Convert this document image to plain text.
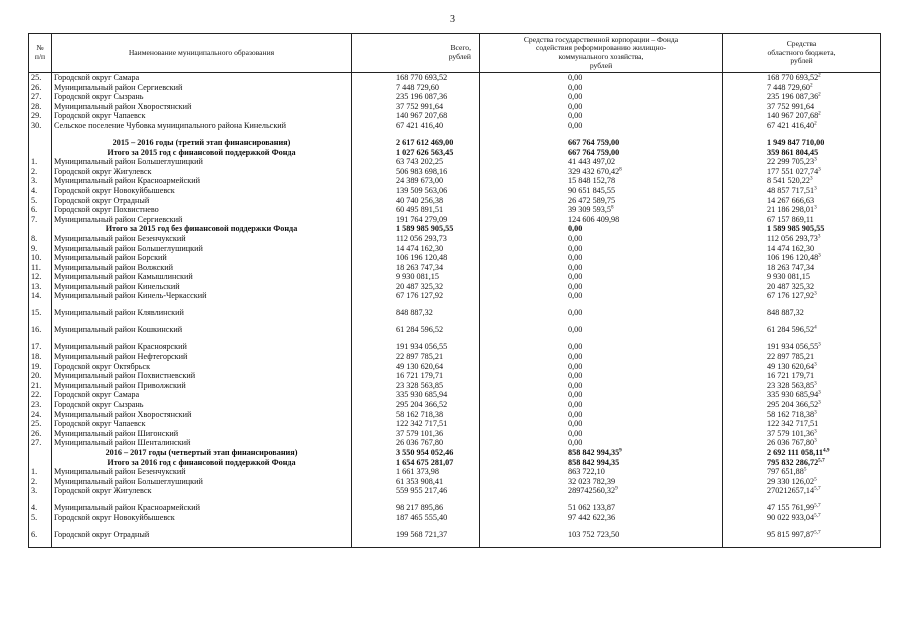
3
№
п/п	Наименование муниципального образования	Всего,
рублей	Средства государственной корпорации – Фонда
содействия реформированию жилищно-
коммунального хозяйства,
рублей	Средства
областного бюджета,
рублей
25.	Городской округ Самара	168 770 693,52	0,00	168 770 693,52$^2$
26.	Муниципальный район Сергиевский	7 448 729,60	0,00	7 448 729,60$^2$
27.	Городской округ Сызрань	235 196 087,36	0,00	235 196 087,36$^2$
28.	Муниципальный район Хворостянский	37 752 991,64	0,00	37 752 991,64
29.	Городской округ Чапаевск	140 967 207,68	0,00	140 967 207,68$^2$
30.	Сельское поселение Чубовка муниципального района Кинельский	67 421 416,40	0,00	67 421 416,40$^2$
	2015 – 2016 годы (третий этап финансирования)	2 617 612 469,00	667 764 759,00	1 949 847 710,00
	Итого за 2015 год с финансовой поддержкой Фонда	1 027 626 563,45	667 764 759,00	359 861 804,45
1.	Муниципальный район Большеглушицкий	63 743 202,25	41 443 497,02	22 299 705,23$^3$
2.	Городской округ Жигулевск	506 983 698,16	329 432 670,42$^8$	177 551 027,74$^3$
3.	Муниципальный район Красноармейский	24 389 673,00	15 848 152,78	8 541 520,22$^3$
4.	Городской округ Новокуйбышевск	139 509 563,06	90 651 845,55	48 857 717,51$^3$
5.	Городской округ Отрадный	40 740 256,38	26 472 589,75	14 267 666,63
6.	Городской округ Похвистнево	60 495 891,51	39 309 593,5$^8$	21 186 298,01$^3$
7.	Муниципальный район Сергиевский	191 764 279,09	124 606 409,98	67 157 869,11
	Итого за 2015 год без финансовой поддержки Фонда	1 589 985 905,55	0,00	1 589 985 905,55
8.	Муниципальный район Безенчукский	112 056 293,73	0,00	112 056 293,73$^3$
9.	Муниципальный район Большеглушицкий	14 474 162,30	0,00	14 474 162,30
10.	Муниципальный район Борский	106 196 120,48	0,00	106 196 120,48$^3$
11.	Муниципальный район Волжский	18 263 747,34	0,00	18 263 747,34
12.	Муниципальный район Камышлинский	9 930 081,15	0,00	9 930 081,15
13.	Муниципальный район Кинельский	20 487 325,32	0,00	20 487 325,32
14.	Муниципальный район Кинель-Черкасский	67 176 127,92	0,00	67 176 127,92$^3$
15.	Муниципальный район Клявлинский	848 887,32	0,00	848 887,32
16.	Муниципальный район Кошкинский	61 284 596,52	0,00	61 284 596,52$^4$
17.	Муниципальный район Красноярский	191 934 056,55	0,00	191 934 056,55$^3$
18.	Муниципальный район Нефтегорский	22 897 785,21	0,00	22 897 785,21
19.	Городской округ Октябрьск	49 130 620,64	0,00	49 130 620,64$^3$
20.	Муниципальный район Похвистневский	16 721 179,71	0,00	16 721 179,71
21.	Муниципальный район Приволжский	23 328 563,85	0,00	23 328 563,85$^3$
22.	Городской округ Самара	335 930 685,94	0,00	335 930 685,94$^3$
23.	Городской округ Сызрань	295 204 366,52	0,00	295 204 366,52$^3$
24.	Муниципальный район Хворостянский	58 162 718,38	0,00	58 162 718,38$^3$
25.	Городской округ Чапаевск	122 342 717,51	0,00	122 342 717,51
26.	Муниципальный район Шигонский	37 579 101,36	0,00	37 579 101,36$^3$
27.	Муниципальный район Шенталинский	26 036 767,80	0,00	26 036 767,80$^3$
	2016 – 2017 годы (четвертый этап финансирования)	3 550 954 052,46	858 842 994,35$^9$	2 692 111 058,11$^{4,9}$
	Итого за 2016 год с финансовой поддержкой Фонда	1 654 675 281,07	858 842 994,35	795 832 286,72$^{5,7}$
1.	Муниципальный район Безенчукский	1 661 373,98	863 722,10	797 651,88$^5$
2.	Муниципальный район Большеглушицкий	61 353 908,41	32 023 782,39	29 330 126,02$^5$
3.	Городской округ Жигулевск	559 955 217,46	289742560,32$^9$	270212657,14$^{5,7}$
4.	Муниципальный район Красноармейский	98 217 895,86	51 062 133,87	47 155 761,99$^{5,7}$
5.	Городской округ Новокуйбышевск	187 465 555,40	97 442 622,36	90 022 933,04$^{5,7}$
6.	Городской округ Отрадный	199 568 721,37	103 752 723,50	95 815 997,87$^{5,7}$
